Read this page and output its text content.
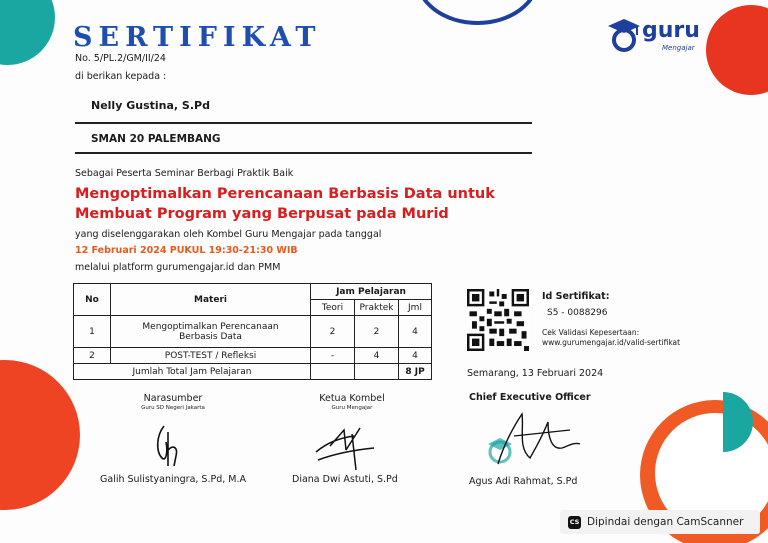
SERTIFIKAT
No. 5/PL.2/GM/II/24
di berikan kepada :
guru
Mengajar
Nelly Gustina, S.Pd
SMAN 20 PALEMBANG
Sebagai Peserta Seminar Berbagi Praktik Baik
Mengoptimalkan Perencanaan Berbasis Data untuk
Membuat Program yang Berpusat pada Murid
yang diselenggarakan oleh Kombel Guru Mengajar pada tanggal
12 Februari 2024 PUKUL 19:30-21:30 WIB
melalui platform gurumengajar.id dan PMM
No	Materi	Jam Pelajaran		
		Teori	Praktek	Jml
1	Mengoptimalkan Perencanaan
Berbasis Data	2	2	4
2	POST-TEST / Refleksi	-	4	4
Jumlah Total Jam Pelajaran				8 JP
Id Sertifikat:
S5 - 0088296
Cek Validasi Kepesertaan:
www.gurumengajar.id/valid-sertifikat
Semarang, 13 Februari 2024
Chief Executive Officer
Agus Adi Rahmat, S.Pd
Narasumber
Guru SD Negeri Jakarta
Galih Sulistyaningra, S.Pd, M.A
Ketua Kombel
Guru Mengajar
Diana Dwi Astuti, S.Pd
CS Dipindai dengan CamScanner
